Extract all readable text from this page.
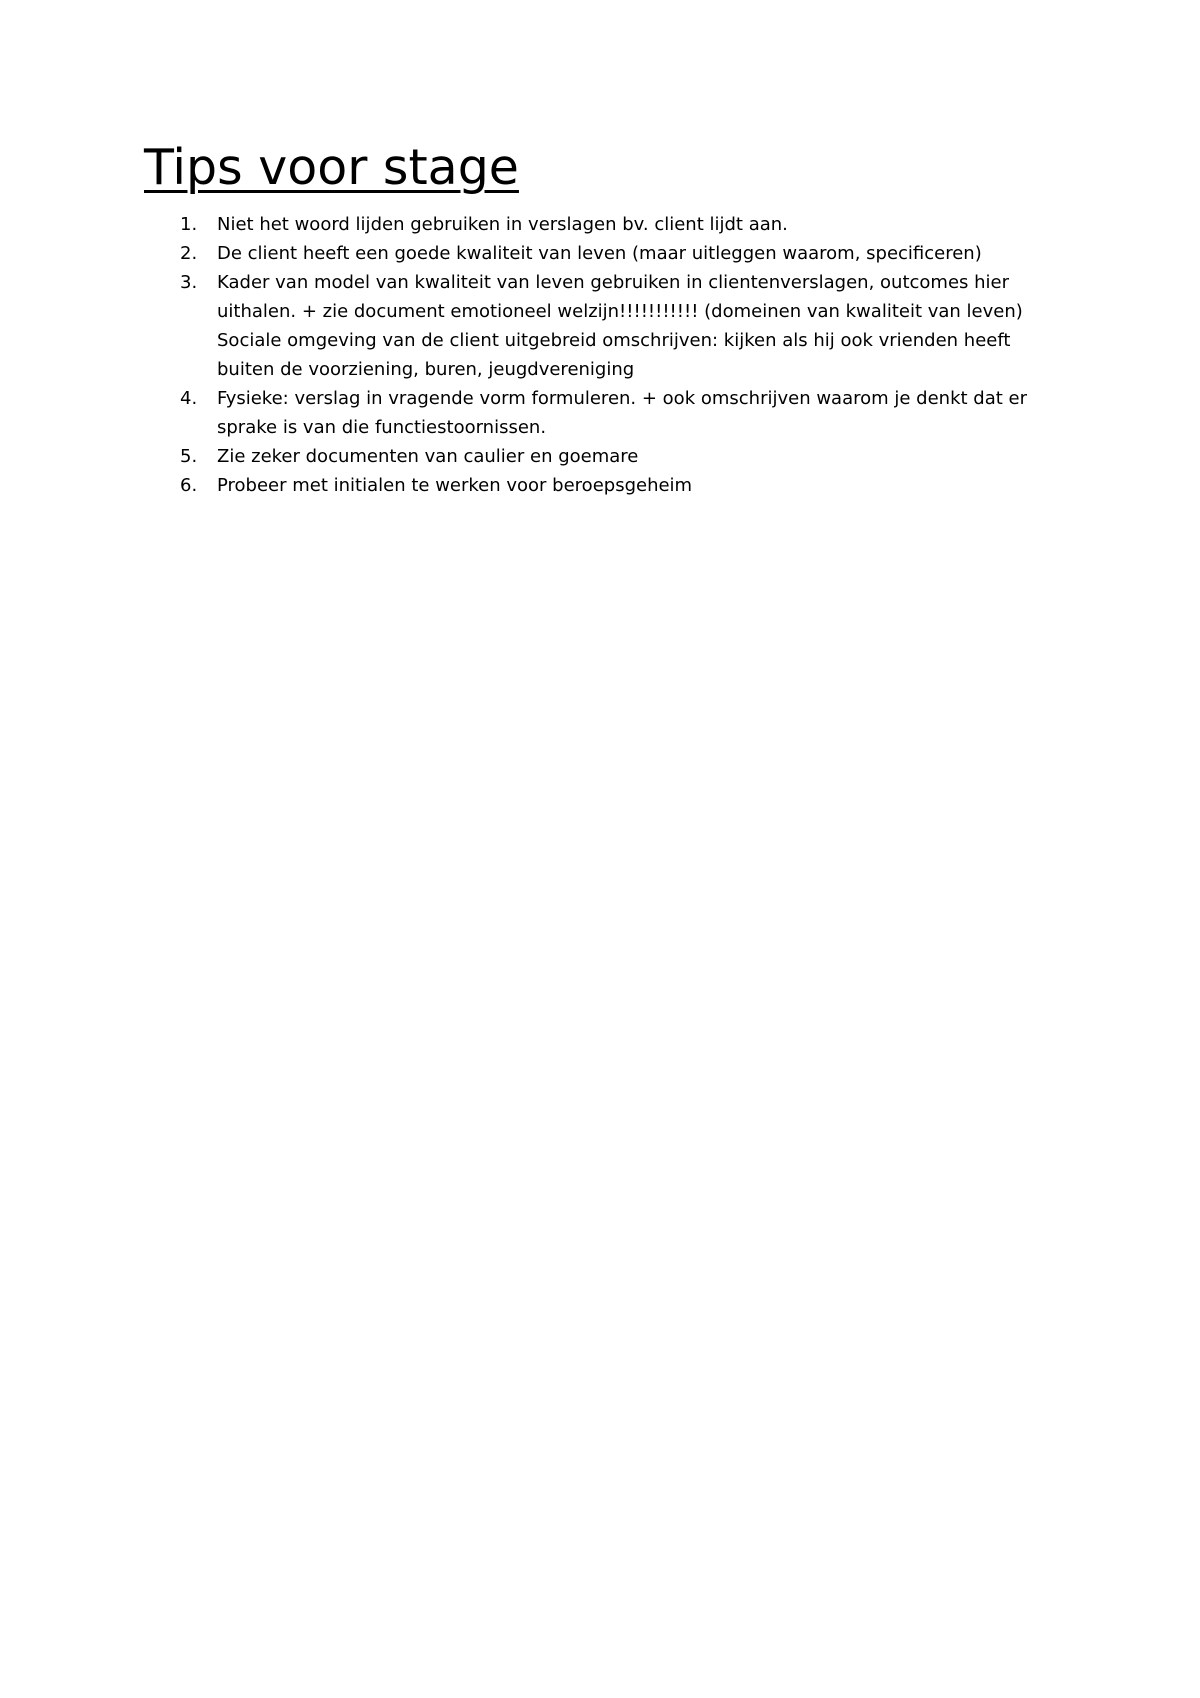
Tips voor stage
1.	Niet het woord lijden gebruiken in verslagen bv. client lijdt aan.
2.	De client heeft een goede kwaliteit van leven (maar uitleggen waarom, specificeren)
3.	Kader van model van kwaliteit van leven gebruiken in clientenverslagen, outcomes hier
uithalen. + zie document emotioneel welzijn!!!!!!!!!!! (domeinen van kwaliteit van leven)
Sociale omgeving van de client uitgebreid omschrijven: kijken als hij ook vrienden heeft
buiten de voorziening, buren, jeugdvereniging
4.	Fysieke: verslag in vragende vorm formuleren. + ook omschrijven waarom je denkt dat er
sprake is van die functiestoornissen.
5.	Zie zeker documenten van caulier en goemare
6.	Probeer met initialen te werken voor beroepsgeheim
